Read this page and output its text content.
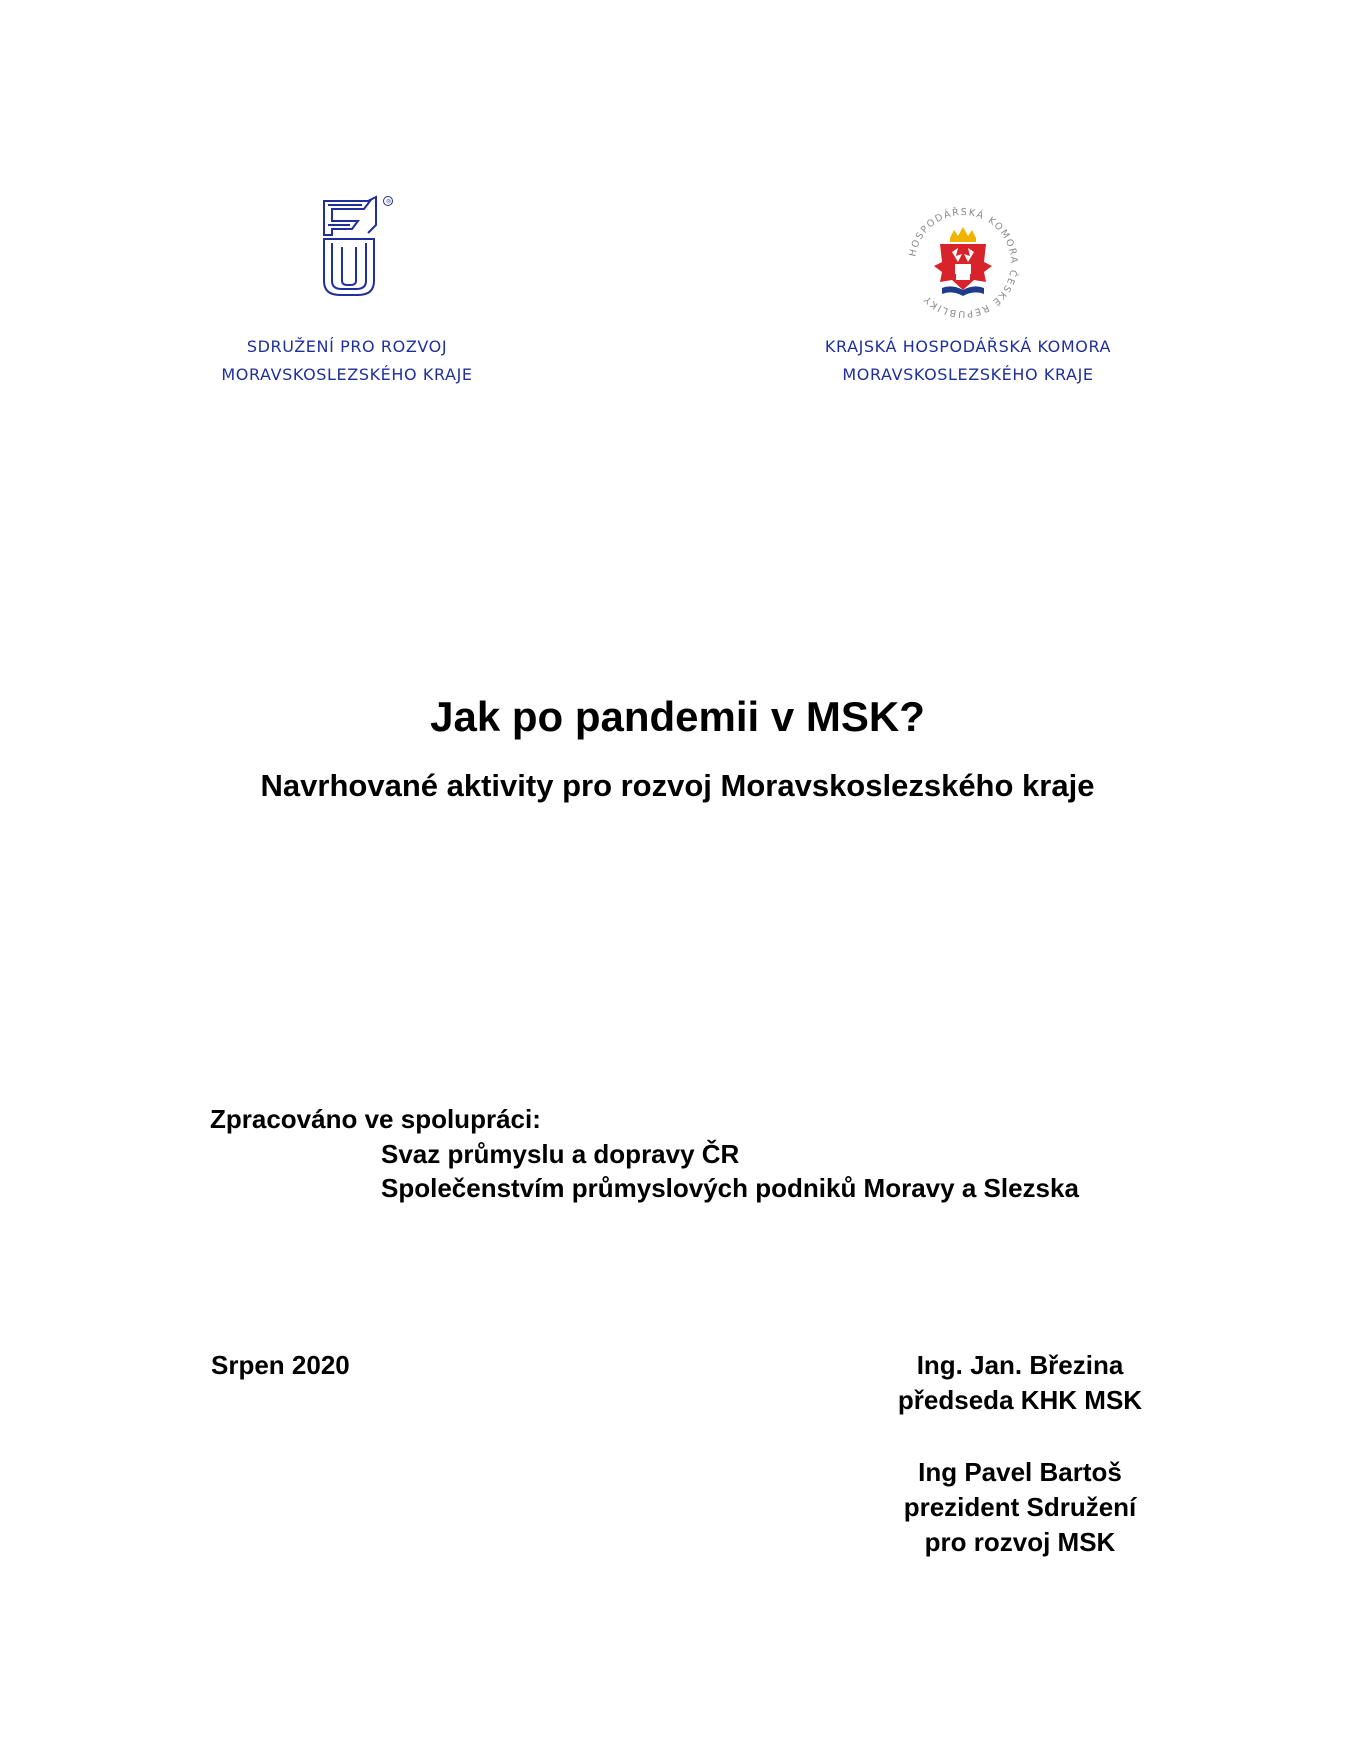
®
HOSPODÁŘSKÁ KOMORA ČESKÉ REPUBLIKY
SDRUŽENÍ PRO ROZVOJ
MORAVSKOSLEZSKÉHO KRAJE
KRAJSKÁ HOSPODÁŘSKÁ KOMORA
MORAVSKOSLEZSKÉHO KRAJE
Jak po pandemii v MSK?
Navrhované aktivity pro rozvoj Moravskoslezského kraje
Zpracováno ve spolupráci:
Svaz průmyslu a dopravy ČR
Společenstvím průmyslových podniků Moravy a Slezska
Srpen 2020	Ing. Jan. Březina
předseda KHK MSK
Ing Pavel Bartoš
prezident Sdružení
pro rozvoj MSK
